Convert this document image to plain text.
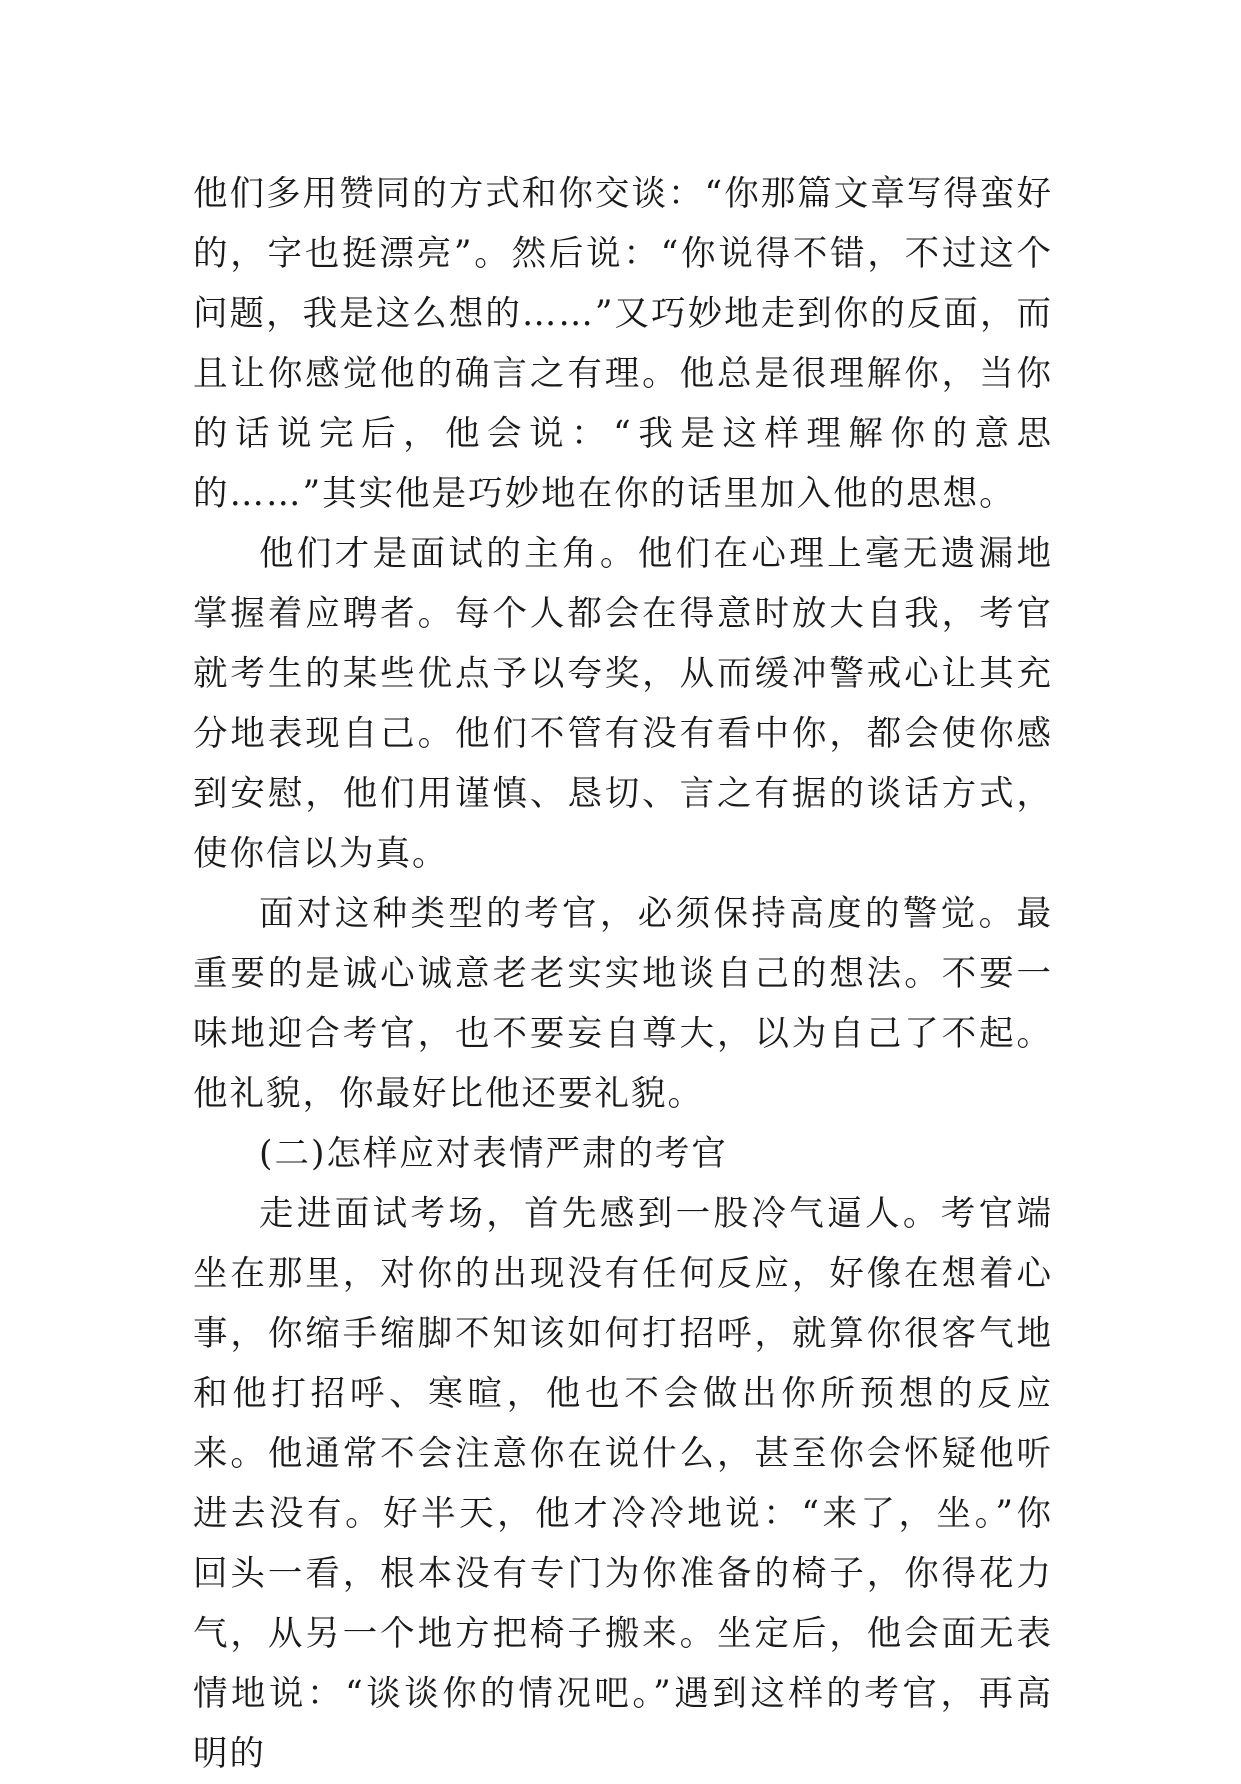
他们多用赞同的方式和你交谈：“你那篇文章写得蛮好的，字也挺漂亮”。然后说：“你说得不错，不过这个问题，我是这么想的……”又巧妙地走到你的反面，而且让你感觉他的确言之有理。他总是很理解你，当你的话说完后，他会说：“我是这样理解你的意思的……”其实他是巧妙地在你的话里加入他的思想。

他们才是面试的主角。他们在心理上毫无遗漏地掌握着应聘者。每个人都会在得意时放大自我，考官就考生的某些优点予以夸奖，从而缓冲警戒心让其充分地表现自己。他们不管有没有看中你，都会使你感到安慰，他们用谨慎、恳切、言之有据的谈话方式，使你信以为真。

面对这种类型的考官，必须保持高度的警觉。最重要的是诚心诚意老老实实地谈自己的想法。不要一味地迎合考官，也不要妄自尊大，以为自己了不起。他礼貌，你最好比他还要礼貌。

(二)怎样应对表情严肃的考官

走进面试考场，首先感到一股冷气逼人。考官端坐在那里，对你的出现没有任何反应，好像在想着心事，你缩手缩脚不知该如何打招呼，就算你很客气地和他打招呼、寒暄，他也不会做出你所预想的反应来。他通常不会注意你在说什么，甚至你会怀疑他听进去没有。好半天，他才冷冷地说：“来了，坐。”你回头一看，根本没有专门为你准备的椅子，你得花力气，从另一个地方把椅子搬来。坐定后，他会面无表情地说：“谈谈你的情况吧。”遇到这样的考官，再高明的
